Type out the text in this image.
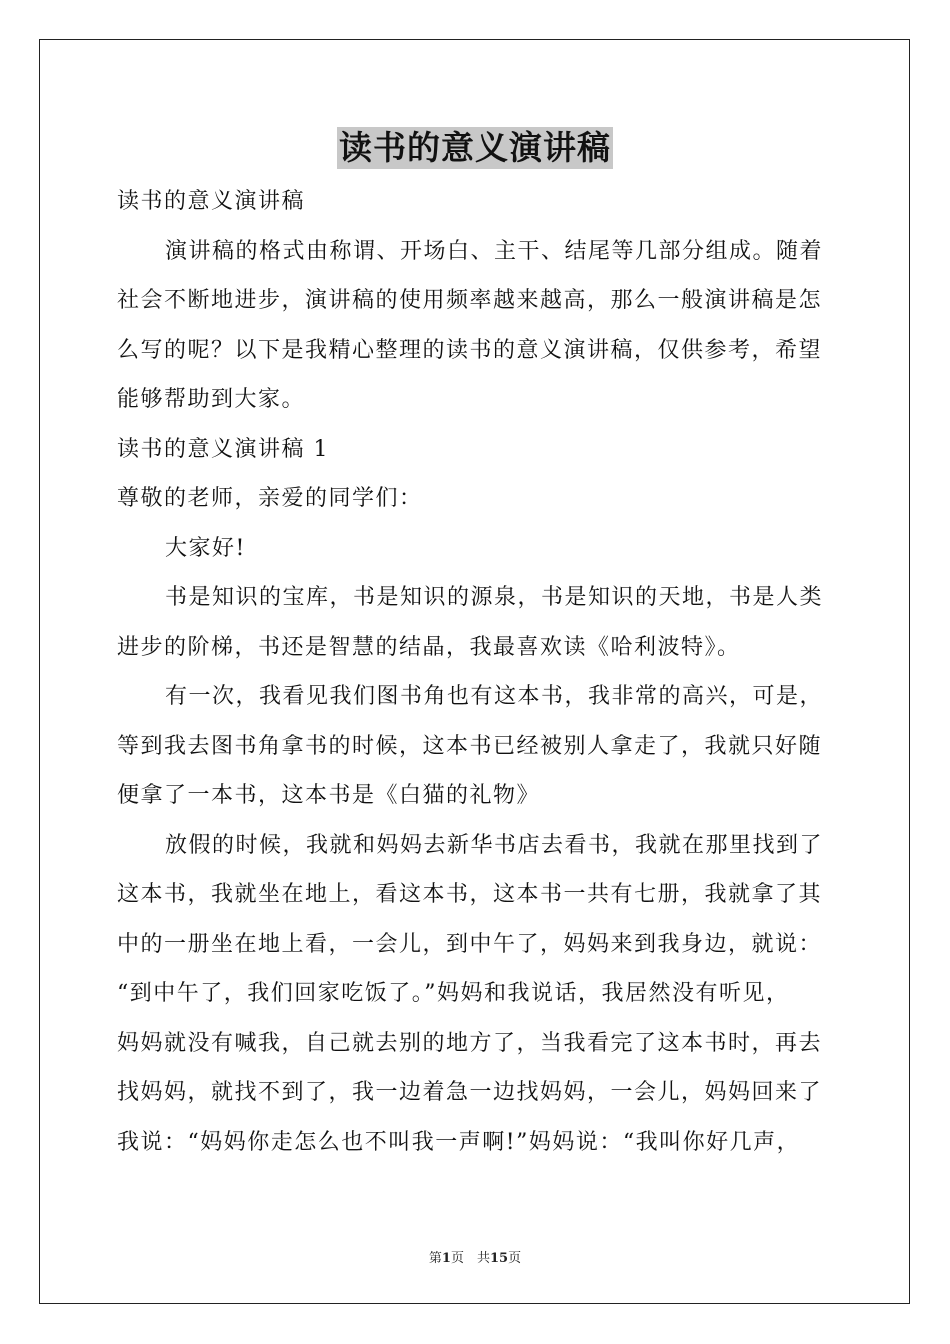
读书的意义演讲稿

读书的意义演讲稿

演讲稿的格式由称谓、开场白、主干、结尾等几部分组成。随着

社会不断地进步，演讲稿的使用频率越来越高，那么一般演讲稿是怎

么写的呢？以下是我精心整理的读书的意义演讲稿，仅供参考，希望

能够帮助到大家。

读书的意义演讲稿 1

尊敬的老师，亲爱的同学们：

大家好!

书是知识的宝库，书是知识的源泉，书是知识的天地，书是人类

进步的阶梯，书还是智慧的结晶，我最喜欢读《哈利波特》。

有一次，我看见我们图书角也有这本书，我非常的高兴，可是，

等到我去图书角拿书的时候，这本书已经被别人拿走了，我就只好随

便拿了一本书，这本书是《白猫的礼物》

放假的时候，我就和妈妈去新华书店去看书，我就在那里找到了

这本书，我就坐在地上，看这本书，这本书一共有七册，我就拿了其

中的一册坐在地上看，一会儿，到中午了，妈妈来到我身边，就说：

“到中午了，我们回家吃饭了。”妈妈和我说话，我居然没有听见，

妈妈就没有喊我，自己就去别的地方了，当我看完了这本书时，再去

找妈妈，就找不到了，我一边着急一边找妈妈，一会儿，妈妈回来了

我说：“妈妈你走怎么也不叫我一声啊!”妈妈说：“我叫你好几声，

第1页　共15页
